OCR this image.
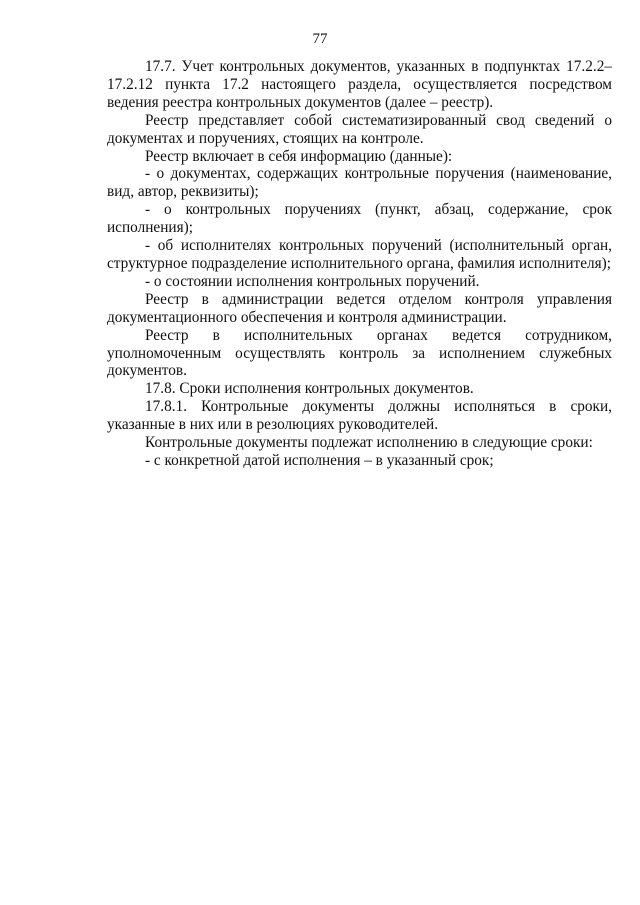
77

17.7. Учет контрольных документов, указанных в подпунктах 17.2.2–17.2.12 пункта 17.2 настоящего раздела, осуществляется посредством ведения реестра контрольных документов (далее – реестр).

Реестр представляет собой систематизированный свод сведений о документах и поручениях, стоящих на контроле.

Реестр включает в себя информацию (данные):

- о документах, содержащих контрольные поручения (наименование, вид, автор, реквизиты);

- о контрольных поручениях (пункт, абзац, содержание, срок исполнения);

- об исполнителях контрольных поручений (исполнительный орган, структурное подразделение исполнительного органа, фамилия исполнителя);

- о состоянии исполнения контрольных поручений.

Реестр в администрации ведется отделом контроля управления документационного обеспечения и контроля администрации.

Реестр в исполнительных органах ведется сотрудником, уполномоченным осуществлять контроль за исполнением служебных документов.

17.8. Сроки исполнения контрольных документов.

17.8.1. Контрольные документы должны исполняться в сроки, указанные в них или в резолюциях руководителей.

Контрольные документы подлежат исполнению в следующие сроки:

- с конкретной датой исполнения – в указанный срок;
